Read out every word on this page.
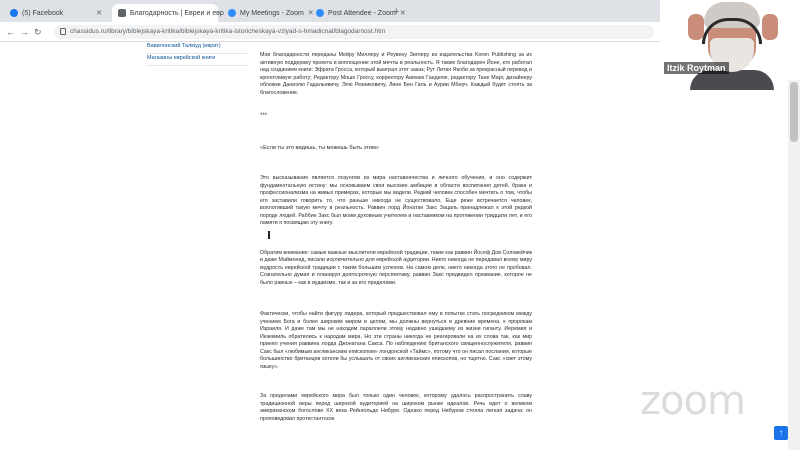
(5) Facebook	✕	Благодарность | Евреи и евр My Meetings - Zoom ✕ Post Attendee - Zoom ✕
+
← → ↻	chassidus.ru/library/biblejskaya-kritika/biblejskaya-kritika-istoricheskaya-vzlyad-s-hmadicnal/blagodarnost.htm
Вавилонский Талмуд (иврит)
Магазины еврейской книги	Мои благодарности переданы Мейру Миллеру и Реувену Зиглеру из издательства Koren Publishing за их активную поддержку проекта и воплощение этой мечты в реальность. Я также благодарен Йоне, кто работал над созданием книги: Эфрата Гросса, который выиграл этот заказ; Рут Литан Якоби за прекрасный перевод и кропотливую работу; Редактору Моше Гроссу, корректору Авихаю Ганделю, редактору Тане Марг, дизайнеру обложки Даниэлю Гадальевичу, Элю Резниковичу, Лине Бен Галь и Аурии Мберч. Каждый будет стоять за благословение.

***

«Если ты это видишь, ты можешь быть этим»

Это высказывание является лозунгом из мира наставничества и личного обучения, и оно содержит фундаментальную истину: мы основываем свои высокие амбиции в области воспитания детей, брака и профессионализма на живых примерах, которые мы видели. Редкий человек способен мечтать о том, чтобы его заставили говорить то, что раньше никогда не существовало. Еще реже встречается человек, воплотивший такую мечту в реальность. Раввин лорд Йонатан Закс Зацаль принадлежал к этой редкой породе людей. Раббин Закс был моим духовным учителем и наставником на протяжении тридцати лет, и его памяти я посвящаю эту книгу.

Обратим внимание: самые важные мыслители еврейской традиции, такие как раввин Йосеф Дов Соловейчик и даже Маймонид, писали исключительно для еврейской аудитории. Никто никогда не передавал всему миру мудрость еврейской традиции с таким большим успехом. На самом деле, никто никогда этого не пробовал. Сознательно думая и планируя долгосрочную перспективу, раввин Закс предвидел призвание, которое не было равных – как в иудаизме, так и за его пределами.

Фактически, чтобы найти фигуру лидера, который предшествовал ему в попытке стать посредником между учением Бога и более широким миром в целом, мы должны вернуться в древние времена, к пророкам Израиля. И даже там мы не находим параллели этому недавно ушедшему из жизни гиганту. Иеремия и Иезекииль обратились к народам мира. Но эти страны никогда не реагировали на их слова так, как мир принял учения раввина лорда Джонатана Сакса. По наблюдению британского священнослужителя, раввин Сакс был «любимым англиканским епископом» лондонской «Таймс», потому что он писал послания, которые большинство британцев хотели бы услышать от своих англиканских епископов, но тщетно. Сакс «свет этому языку».

За пределами еврейского мира был только один человек, которому удалось распространить славу традиционной веры перед широкой аудиторией на широком рынке идеалов. Речь идет о великом американском богослове XX века Рейнгольде Нибуре. Однако перед Нибуром стояла легкая задача: он проповедовал протестантское

Itzik Roytman
zoom
↑
